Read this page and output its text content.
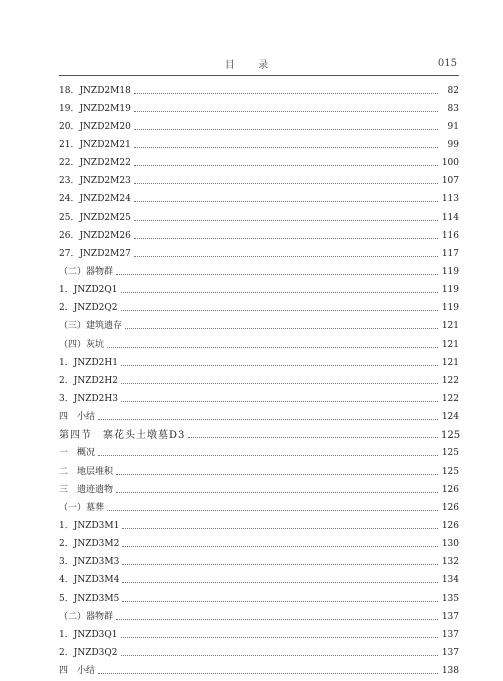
目 录	015
18．JNZD2M18	82
19．JNZD2M19	83
20．JNZD2M20	91
21．JNZD2M21	99
22．JNZD2M22	100
23．JNZD2M23	107
24．JNZD2M24	113
25．JNZD2M25	114
26．JNZD2M26	116
27．JNZD2M27	117
（二）器物群	119
1．JNZD2Q1	119
2．JNZD2Q2	119
（三）建筑遗存	121
（四）灰坑	121
1．JNZD2H1	121
2．JNZD2H2	122
3．JNZD2H3	122
四　小结	124
第四节　寨花头土墩墓D3	125
一　概况	125
二　地层堆积	125
三　遗迹遗物	126
（一）墓葬	126
1．JNZD3M1	126
2．JNZD3M2	130
3．JNZD3M3	132
4．JNZD3M4	134
5．JNZD3M5	135
（二）器物群	137
1．JNZD3Q1	137
2．JNZD3Q2	137
四　小结	138
